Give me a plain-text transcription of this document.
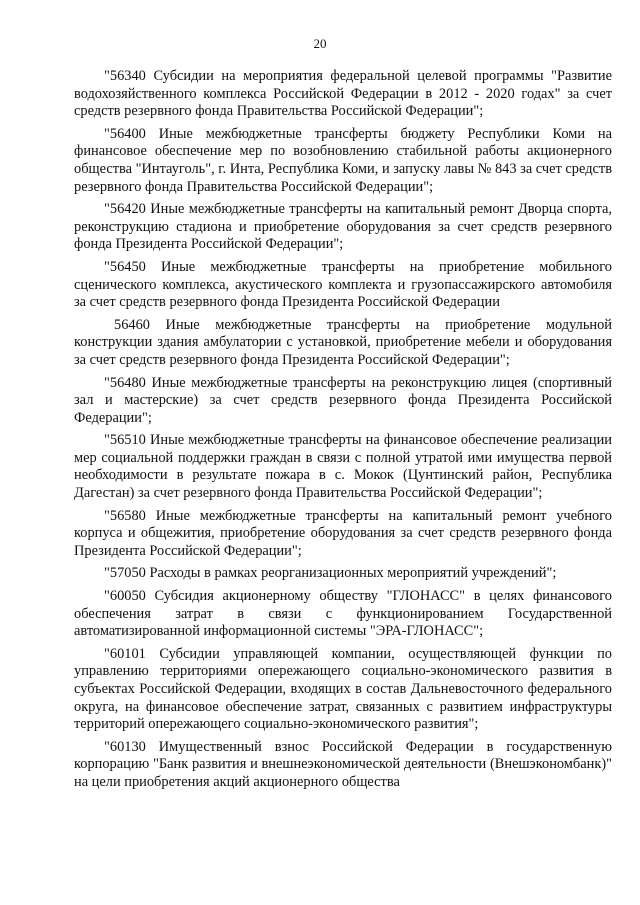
20

"56340 Субсидии на мероприятия федеральной целевой программы "Развитие водохозяйственного комплекса Российской Федерации в 2012 - 2020 годах" за счет средств резервного фонда Правительства Российской Федерации";

"56400 Иные межбюджетные трансферты бюджету Республики Коми на финансовое обеспечение мер по возобновлению стабильной работы акционерного общества "Интауголь", г. Инта, Республика Коми, и запуску лавы № 843 за счет средств резервного фонда Правительства Российской Федерации";

"56420 Иные межбюджетные трансферты на капитальный ремонт Дворца спорта, реконструкцию стадиона и приобретение оборудования за счет средств резервного фонда Президента Российской Федерации";

"56450 Иные межбюджетные трансферты на приобретение мобильного сценического комплекса, акустического комплекта и грузопассажирского автомобиля за счет средств резервного фонда Президента Российской Федерации

56460 Иные межбюджетные трансферты на приобретение модульной конструкции здания амбулатории с установкой, приобретение мебели и оборудования за счет средств резервного фонда Президента Российской Федерации";

"56480 Иные межбюджетные трансферты на реконструкцию лицея (спортивный зал и мастерские) за счет средств резервного фонда Президента Российской Федерации";

"56510 Иные межбюджетные трансферты на финансовое обеспечение реализации мер социальной поддержки граждан в связи с полной утратой ими имущества первой необходимости в результате пожара в с. Мокок (Цунтинский район, Республика Дагестан) за счет резервного фонда Правительства Российской Федерации";

"56580 Иные межбюджетные трансферты на капитальный ремонт учебного корпуса и общежития, приобретение оборудования за счет средств резервного фонда Президента Российской Федерации";

"57050 Расходы в рамках реорганизационных мероприятий учреждений";

"60050 Субсидия акционерному обществу "ГЛОНАСС" в целях финансового обеспечения затрат в связи с функционированием Государственной автоматизированной информационной системы "ЭРА-ГЛОНАСС";

"60101 Субсидии управляющей компании, осуществляющей функции по управлению территориями опережающего социально-экономического развития в субъектах Российской Федерации, входящих в состав Дальневосточного федерального округа, на финансовое обеспечение затрат, связанных с развитием инфраструктуры территорий опережающего социально-экономического развития";

"60130 Имущественный взнос Российской Федерации в государственную корпорацию "Банк развития и внешнеэкономической деятельности (Внешэкономбанк)" на цели приобретения акций акционерного общества
